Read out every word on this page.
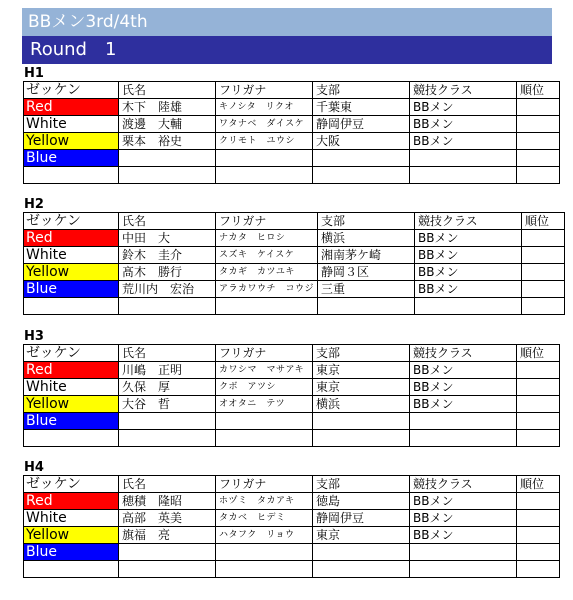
BBメン3rd/4th
Round　1
H1
ゼッケン	氏名	フリガナ	支部	競技クラス	順位
Red	木下　陸雄	キノシタ　リクオ	千葉東	BBメン	
White	渡邊　大輔	ワタナベ　ダイスケ	静岡伊豆	BBメン	
Yellow	栗本　裕史	クリモト　ユウシ	大阪	BBメン	
Blue					

H2
ゼッケン	氏名	フリガナ	支部	競技クラス	順位
Red	中田　大	ナカタ　ヒロシ	横浜	BBメン	
White	鈴木　圭介	スズキ　ケイスケ	湘南茅ケ崎	BBメン	
Yellow	髙木　勝行	タカギ　カツユキ	静岡３区	BBメン	
Blue	荒川内　宏治	アラカワウチ　コウジ	三重	BBメン	

H3
ゼッケン	氏名	フリガナ	支部	競技クラス	順位
Red	川嶋　正明	カワシマ　マサアキ	東京	BBメン	
White	久保　厚	クボ　アツシ	東京	BBメン	
Yellow	大谷　哲	オオタニ　テツ	横浜	BBメン	
Blue					

H4
ゼッケン	氏名	フリガナ	支部	競技クラス	順位
Red	穂積　隆昭	ホヅミ　タカアキ	徳島	BBメン	
White	高部　英美	タカベ　ヒデミ	静岡伊豆	BBメン	
Yellow	旗福　亮	ハタフク　リョウ	東京	BBメン	
Blue					
